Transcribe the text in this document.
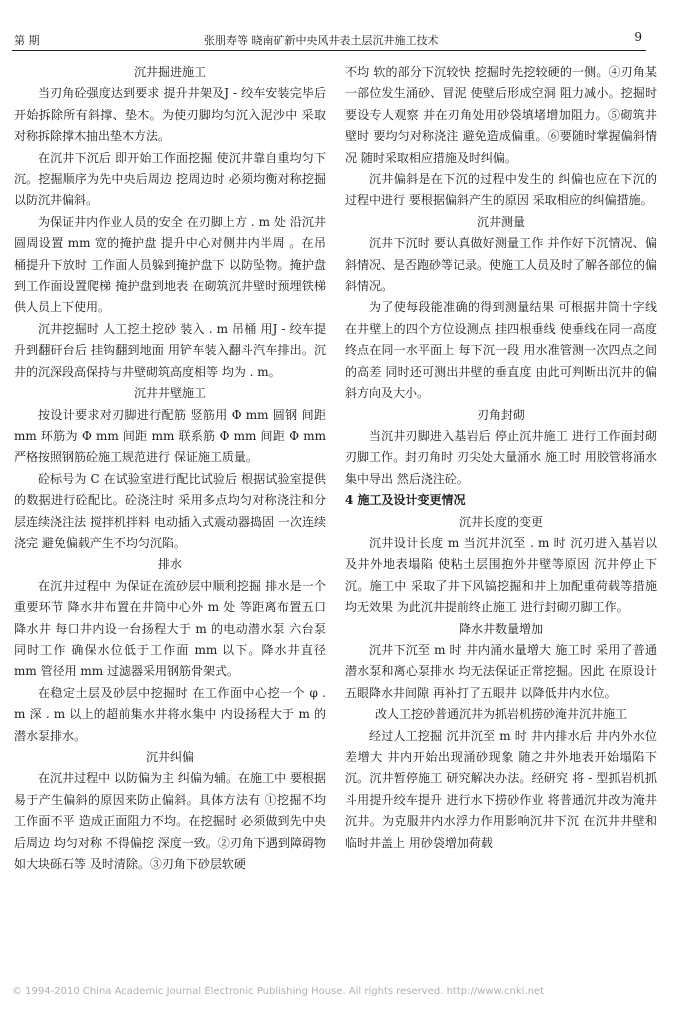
第 期	张朋寿等 晓南矿新中央风井表土层沉井施工技术	9
沉井掘进施工

当刃角砼强度达到要求 提升井架及J - 绞车安装完毕后 开始拆除所有斜撑、垫木。为使刃脚均匀沉入泥沙中 采取对称拆除撑木抽出垫木方法。

在沉井下沉后 即开始工作面挖掘 使沉井靠自重均匀下沉。挖掘顺序为先中央后周边 挖周边时 必须均衡对称挖掘 以防沉井偏斜。

为保证井内作业人员的安全 在刃脚上方 . m 处 沿沉井圆周设置 mm 宽的掩护盘 提升中心对侧井内半周 。在吊桶提升下放时 工作面人员躲到掩护盘下 以防坠物。掩护盘到工作面设置爬梯 掩护盘到地表 在砌筑沉井壁时预埋铁梯 供人员上下使用。

沉井挖掘时 人工挖土挖砂 装入 . m 吊桶 用J - 绞车提升到翻矸台后 挂钩翻到地面 用铲车装入翻斗汽车排出。沉井的沉深段高保持与井壁砌筑高度相等 均为 . m。

沉井井壁施工

按设计要求对刃脚进行配筋 竖筋用 Φ mm 圆钢 间距 mm 环筋为 Φ mm 间距 mm 联系筋 Φ mm 间距 Φ mm 严格按照钢筋砼施工规范进行 保证施工质量。

砼标号为 C 在试验室进行配比试验后 根据试验室提供的数据进行砼配比。砼浇注时 采用多点均匀对称浇注和分层连续浇注法 搅拌机拌料 电动插入式震动器捣固 一次连续浇完 避免偏载产生不均匀沉陷。

排水

在沉井过程中 为保证在流砂层中顺利挖掘 排水是一个重要环节 降水井布置在井筒中心外 m 处 等距离布置五口降水井 每口井内设一台扬程大于 m 的电动潜水泵 六台泵同时工作 确保水位低于工作面 mm 以下。降水井直径 mm 管径用 mm 过滤器采用钢筋骨架式。

在稳定土层及砂层中挖掘时 在工作面中心挖一个 φ . m 深 . m 以上的超前集水井将水集中 内设扬程大于 m 的潜水泵排水。

沉井纠偏

在沉井过程中 以防偏为主 纠偏为辅。在施工中 要根据易于产生偏斜的原因来防止偏斜。具体方法有 ①挖掘不均 工作面不平 造成正面阻力不均。在挖掘时 必须做到先中央后周边 均匀对称 不得偏挖 深度一致。②刃角下遇到障碍物 如大块砾石等 及时清除。③刃角下砂层软硬

不均 软的部分下沉较快 挖掘时先挖较硬的一侧。④刃角某一部位发生涌砂、冒泥 使壁后形成空洞 阻力减小。挖掘时 要设专人观察 并在刃角处用砂袋填堵增加阻力。⑤砌筑井壁时 要均匀对称浇注 避免造成偏重。⑥要随时掌握偏斜情况 随时采取相应措施及时纠偏。

沉井偏斜是在下沉的过程中发生的 纠偏也应在下沉的过程中进行 要根据偏斜产生的原因 采取相应的纠偏措施。

沉井测量

沉井下沉时 要认真做好测量工作 并作好下沉情况、偏斜情况、是否跑砂等记录。使施工人员及时了解各部位的偏斜情况。

为了使每段能准确的得到测量结果 可根据井筒十字线 在井壁上的四个方位设测点 挂四根垂线 使垂线在同一高度 终点在同一水平面上 每下沉一段 用水准管测一次四点之间的高差 同时还可测出井壁的垂直度 由此可判断出沉井的偏斜方向及大小。

刃角封砌

当沉井刃脚进入基岩后 停止沉井施工 进行工作面封砌刃脚工作。封刃角时 刃尖处大量涌水 施工时 用胶管将涌水集中导出 然后浇注砼。

4 施工及设计变更情况
沉井长度的变更

沉井设计长度 m 当沉井沉至 . m 时 沉刃进入基岩以及井外地表塌陷 使粘土层围抱外井壁等原因 沉井停止下沉。施工中 采取了井下风镐挖掘和井上加配重荷载等措施 均无效果 为此沉井提前终止施工 进行封砌刃脚工作。

降水井数量增加

沉井下沉至 m 时 井内涌水量增大 施工时 采用了普通潜水泵和离心泵排水 均无法保证正常挖掘。因此 在原设计五眼降水井间隙 再补打了五眼井 以降低井内水位。

改人工挖砂普通沉井为抓岩机捞砂淹井沉井施工

经过人工挖掘 沉井沉至 m 时 井内排水后 井内外水位差增大 井内开始出现涌砂现象 随之井外地表开始塌陷下沉。沉井暂停施工 研究解决办法。经研究 将 - 型抓岩机抓斗用提升绞车提升 进行水下捞砂作业 将普通沉井改为淹井沉井。为克服井内水浮力作用影响沉井下沉 在沉井井壁和临时井盖上 用砂袋增加荷载

© 1994-2010 China Academic Journal Electronic Publishing House. All rights reserved. http://www.cnki.net
